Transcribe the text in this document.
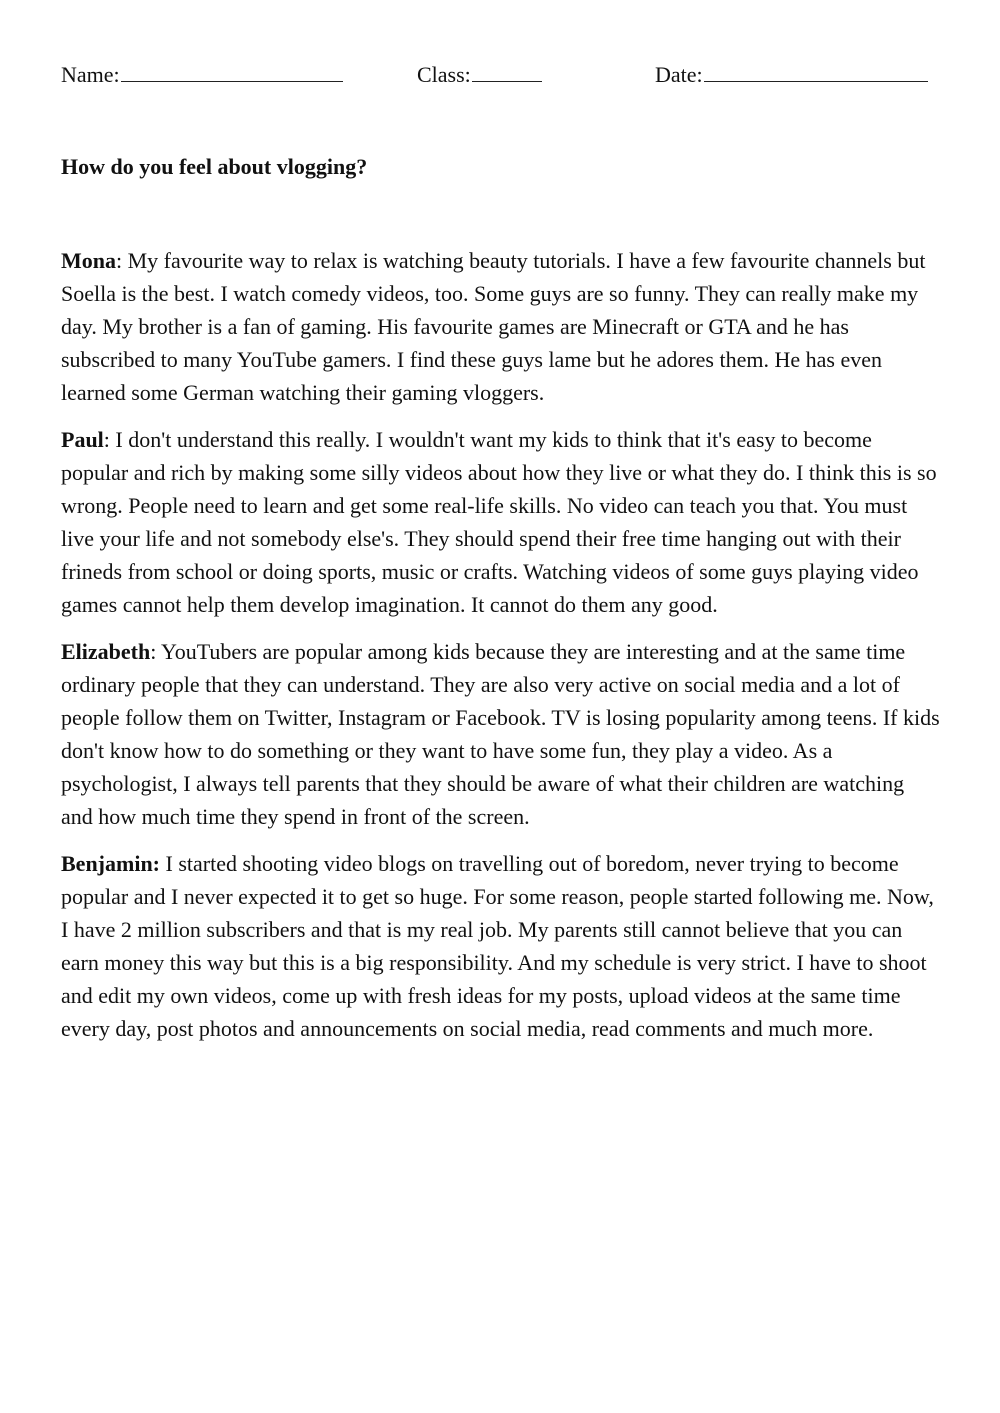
Name:	Class:	Date:
How do you feel about vlogging?

Mona: My favourite way to relax is watching beauty tutorials. I have a few favourite channels but Soella is the best. I watch comedy videos, too. Some guys are so funny. They can really make my day. My brother is a fan of gaming. His favourite games are Minecraft or GTA and he has subscribed to many YouTube gamers. I find these guys lame but he adores them. He has even learned some German watching their gaming vloggers.

Paul: I don't understand this really. I wouldn't want my kids to think that it's easy to become popular and rich by making some silly videos about how they live or what they do. I think this is so wrong. People need to learn and get some real-life skills. No video can teach you that. You must live your life and not somebody else's. They should spend their free time hanging out with their frineds from school or doing sports, music or crafts. Watching videos of some guys playing video games cannot help them develop imagination. It cannot do them any good.

Elizabeth: YouTubers are popular among kids because they are interesting and at the same time ordinary people that they can understand. They are also very active on social media and a lot of people follow them on Twitter, Instagram or Facebook. TV is losing popularity among teens. If kids don't know how to do something or they want to have some fun, they play a video. As a psychologist, I always tell parents that they should be aware of what their children are watching and how much time they spend in front of the screen.

Benjamin: I started shooting video blogs on travelling out of boredom, never trying to become popular and I never expected it to get so huge. For some reason, people started following me. Now, I have 2 million subscribers and that is my real job. My parents still cannot believe that you can earn money this way but this is a big responsibility. And my schedule is very strict. I have to shoot and edit my own videos, come up with fresh ideas for my posts, upload videos at the same time every day, post photos and announcements on social media, read comments and much more.
